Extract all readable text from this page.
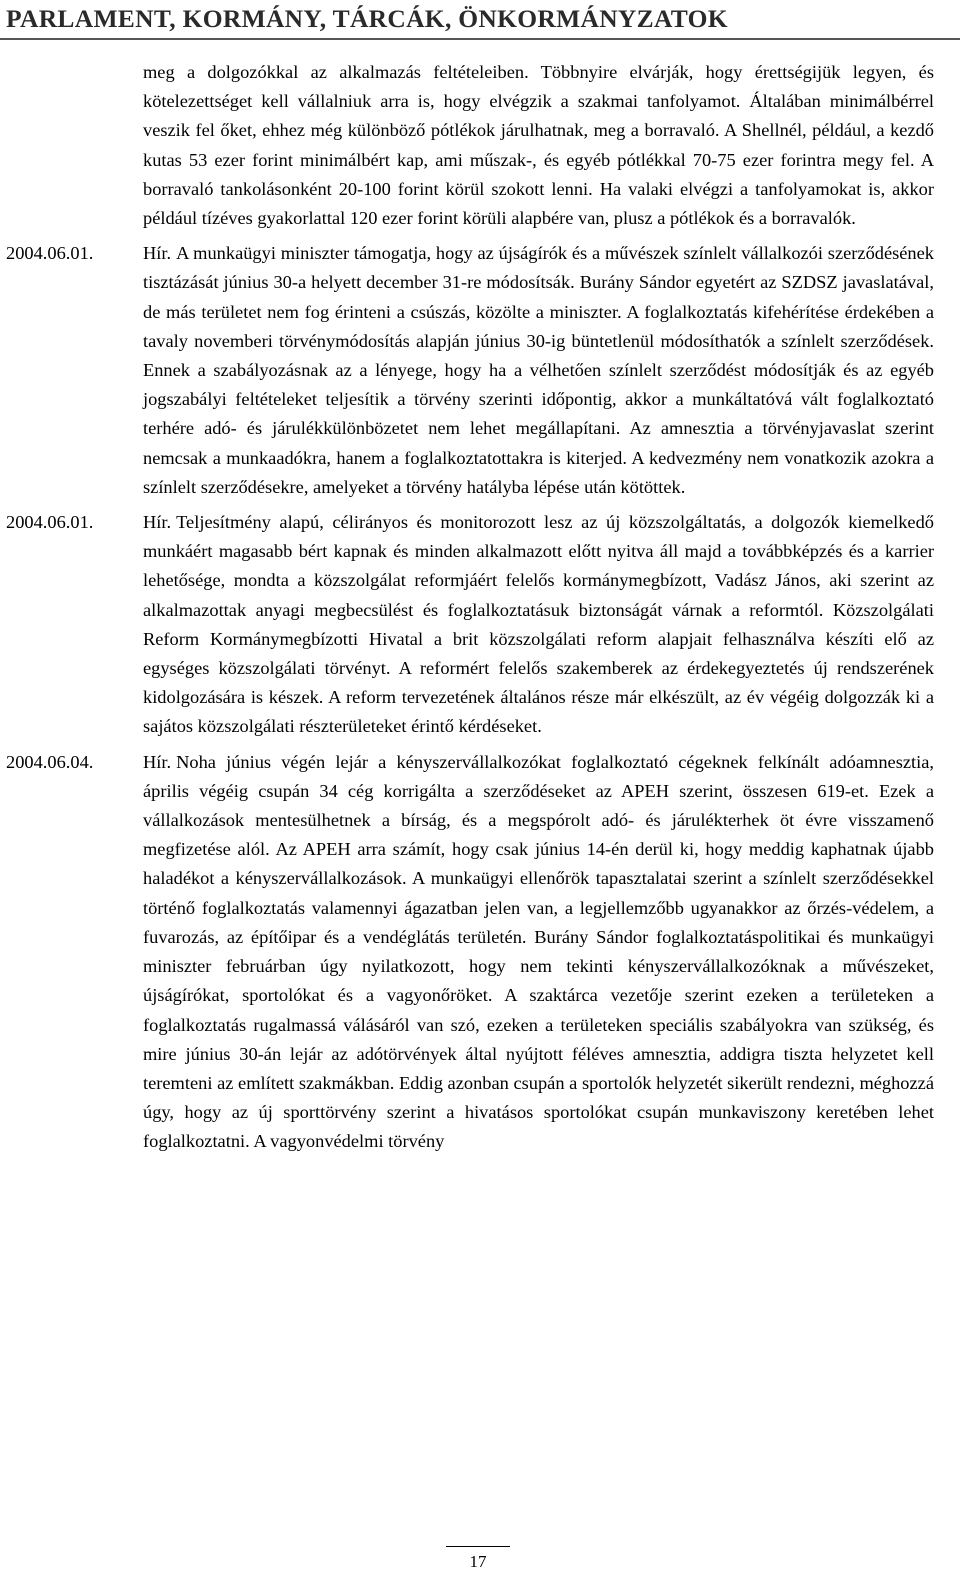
PARLAMENT, KORMÁNY, TÁRCÁK, ÖNKORMÁNYZATOK
meg a dolgozókkal az alkalmazás feltételeiben. Többnyire elvárják, hogy érettségijük legyen, és kötelezettséget kell vállalniuk arra is, hogy elvégzik a szakmai tanfolyamot. Általában minimálbérrel veszik fel őket, ehhez még különböző pótlékok járulhatnak, meg a borravaló. A Shellnél, például, a kezdő kutas 53 ezer forint minimálbért kap, ami műszak-, és egyéb pótlékkal 70-75 ezer forintra megy fel. A borravaló tankolásonként 20-100 forint körül szokott lenni. Ha valaki elvégzi a tanfolyamokat is, akkor például tízéves gyakorlattal 120 ezer forint körüli alapbére van, plusz a pótlékok és a borravalók.
2004.06.01.	Hír. A munkaügyi miniszter támogatja, hogy az újságírók és a művészek színlelt vállalkozói szerződésének tisztázását június 30-a helyett december 31-re módosítsák. Burány Sándor egyetért az SZDSZ javaslatával, de más területet nem fog érinteni a csúszás, közölte a miniszter. A foglalkoztatás kifehérítése érdekében a tavaly novemberi törvénymódosítás alapján június 30-ig büntetlenül módosíthatók a színlelt szerződések. Ennek a szabályozásnak az a lényege, hogy ha a vélhetően színlelt szerződést módosítják és az egyéb jogszabályi feltételeket teljesítik a törvény szerinti időpontig, akkor a munkáltatóvá vált foglalkoztató terhére adó- és járulékkülönbözetet nem lehet megállapítani. Az amnesztia a törvényjavaslat szerint nemcsak a munkaadókra, hanem a foglalkoztatottakra is kiterjed. A kedvezmény nem vonatkozik azokra a színlelt szerződésekre, amelyeket a törvény hatályba lépése után kötöttek.
2004.06.01.	Hír. Teljesítmény alapú, célirányos és monitorozott lesz az új közszolgáltatás, a dolgozók kiemelkedő munkáért magasabb bért kapnak és minden alkalmazott előtt nyitva áll majd a továbbképzés és a karrier lehetősége, mondta a közszolgálat reformjáért felelős kormánymegbízott, Vadász János, aki szerint az alkalmazottak anyagi megbecsülést és foglalkoztatásuk biztonságát várnak a reformtól. Közszolgálati Reform Kormánymegbízotti Hivatal a brit közszolgálati reform alapjait felhasználva készíti elő az egységes közszolgálati törvényt. A reformért felelős szakemberek az érdekegyeztetés új rendszerének kidolgozására is készek. A reform tervezetének általános része már elkészült, az év végéig dolgozzák ki a sajátos közszolgálati részterületeket érintő kérdéseket.
2004.06.04.	Hír. Noha június végén lejár a kényszervállalkozókat foglalkoztató cégeknek felkínált adóamnesztia, április végéig csupán 34 cég korrigálta a szerződéseket az APEH szerint, összesen 619-et. Ezek a vállalkozások mentesülhetnek a bírság, és a megspórolt adó- és járulékterhek öt évre visszamenő megfizetése alól. Az APEH arra számít, hogy csak június 14-én derül ki, hogy meddig kaphatnak újabb haladékot a kényszervállalkozások. A munkaügyi ellenőrök tapasztalatai szerint a színlelt szerződésekkel történő foglalkoztatás valamennyi ágazatban jelen van, a legjellemzőbb ugyanakkor az őrzés-védelem, a fuvarozás, az építőipar és a vendéglátás területén. Burány Sándor foglalkoztatáspolitikai és munkaügyi miniszter februárban úgy nyilatkozott, hogy nem tekinti kényszervállalkozóknak a művészeket, újságírókat, sportolókat és a vagyonőröket. A szaktárca vezetője szerint ezeken a területeken a foglalkoztatás rugalmassá válásáról van szó, ezeken a területeken speciális szabályokra van szükség, és mire június 30-án lejár az adótörvények által nyújtott féléves amnesztia, addigra tiszta helyzetet kell teremteni az említett szakmákban. Eddig azonban csupán a sportolók helyzetét sikerült rendezni, méghozzá úgy, hogy az új sporttörvény szerint a hivatásos sportolókat csupán munkaviszony keretében lehet foglalkoztatni. A vagyonvédelmi törvény
17
